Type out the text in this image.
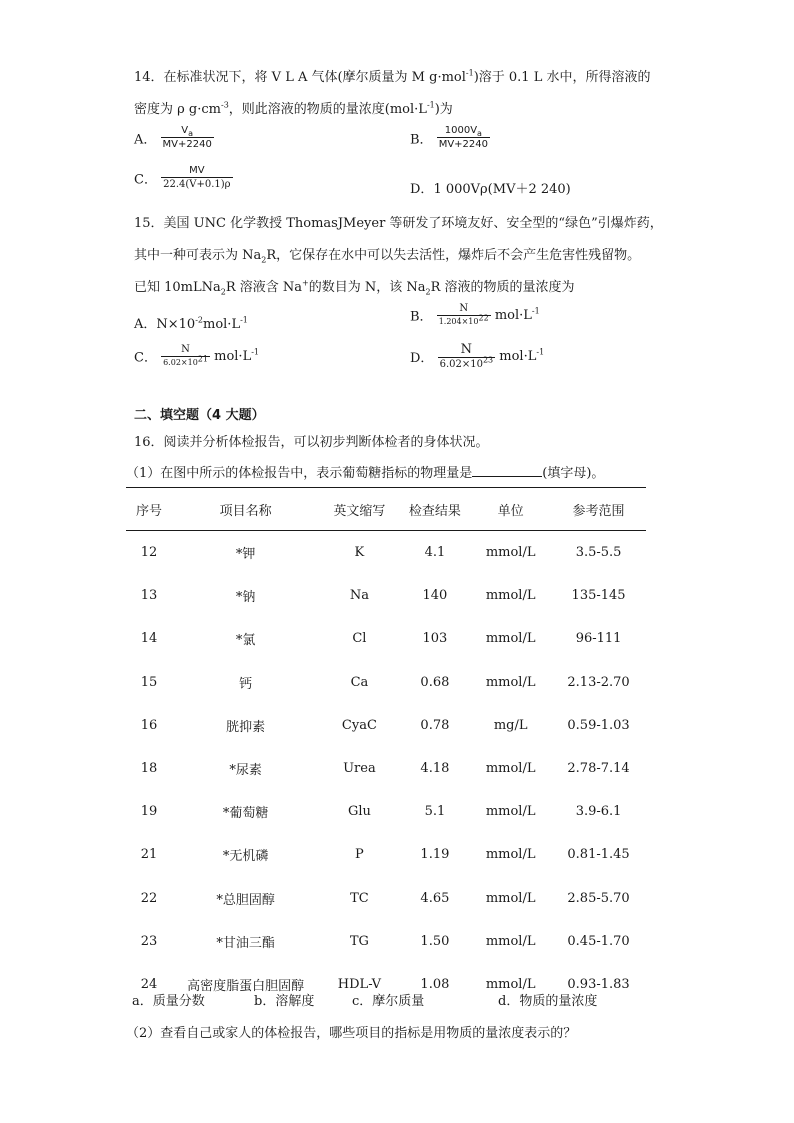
14．在标准状况下，将 V L A 气体(摩尔质量为 M g·mol$^{-1}$)溶于 0.1 L 水中，所得溶液的
密度为 ρ $g\cdot cm^{-3}$，则此溶液的物质的量浓度$(mol\cdot L^{-1})$为
A． $\frac{V_a}{MV+2240}$	B． $\frac{1000V_a}{MV+2240}$
C． $\frac{MV}{22.4(V+0.1)\rho}$	D．1 000Vρ(MV＋2 240)
15．美国 UNC 化学教授 ThomasJMeyer 等研发了环境友好、安全型的“绿色”引爆炸药，
其中一种可表示为 $Na_2R$，它保存在水中可以失去活性，爆炸后不会产生危害性残留物。
已知 10mLNa$_2$R 溶液含 Na+的数目为 N，该 $Na_2R$ 溶液的物质的量浓度为
A．$N\times 10^{-2}mol\cdot L^{-1}$	B． $\frac{N}{1.204\times 10^{22}} mol\cdot L^{-1}$
C． $\frac{N}{6.02\times 10^{21}} mol\cdot L^{-1}$	D． $\frac{N}{6.02\times 10^{23}} mol\cdot L^{-1}$
二、填空题（4 大题）
16．阅读并分析体检报告，可以初步判断体检者的身体状况。
（1）在图中所示的体检报告中，表示葡萄糖指标的物理量是	(填字母)。
序号	项目名称	英文缩写	检查结果	单位	参考范围
12	*钾	K	4.1	mmol/L	3.5-5.5
13	*钠	Na	140	mmol/L	135-145
14	*氯	Cl	103	mmol/L	96-111
15	钙	Ca	0.68	mmol/L	2.13-2.70
16	胱抑素	CyaC	0.78	mg/L	0.59-1.03
18	*尿素	Urea	4.18	mmol/L	2.78-7.14
19	*葡萄糖	Glu	5.1	mmol/L	3.9-6.1
21	*无机磷	P	1.19	mmol/L	0.81-1.45
22	*总胆固醇	TC	4.65	mmol/L	2.85-5.70
23	*甘油三酯	TG	1.50	mmol/L	0.45-1.70
24	高密度脂蛋白胆固醇	HDL-V	1.08	mmol/L	0.93-1.83
a．质量分数	b．溶解度	c．摩尔质量	d．物质的量浓度
（2）查看自己或家人的体检报告，哪些项目的指标是用物质的量浓度表示的？
